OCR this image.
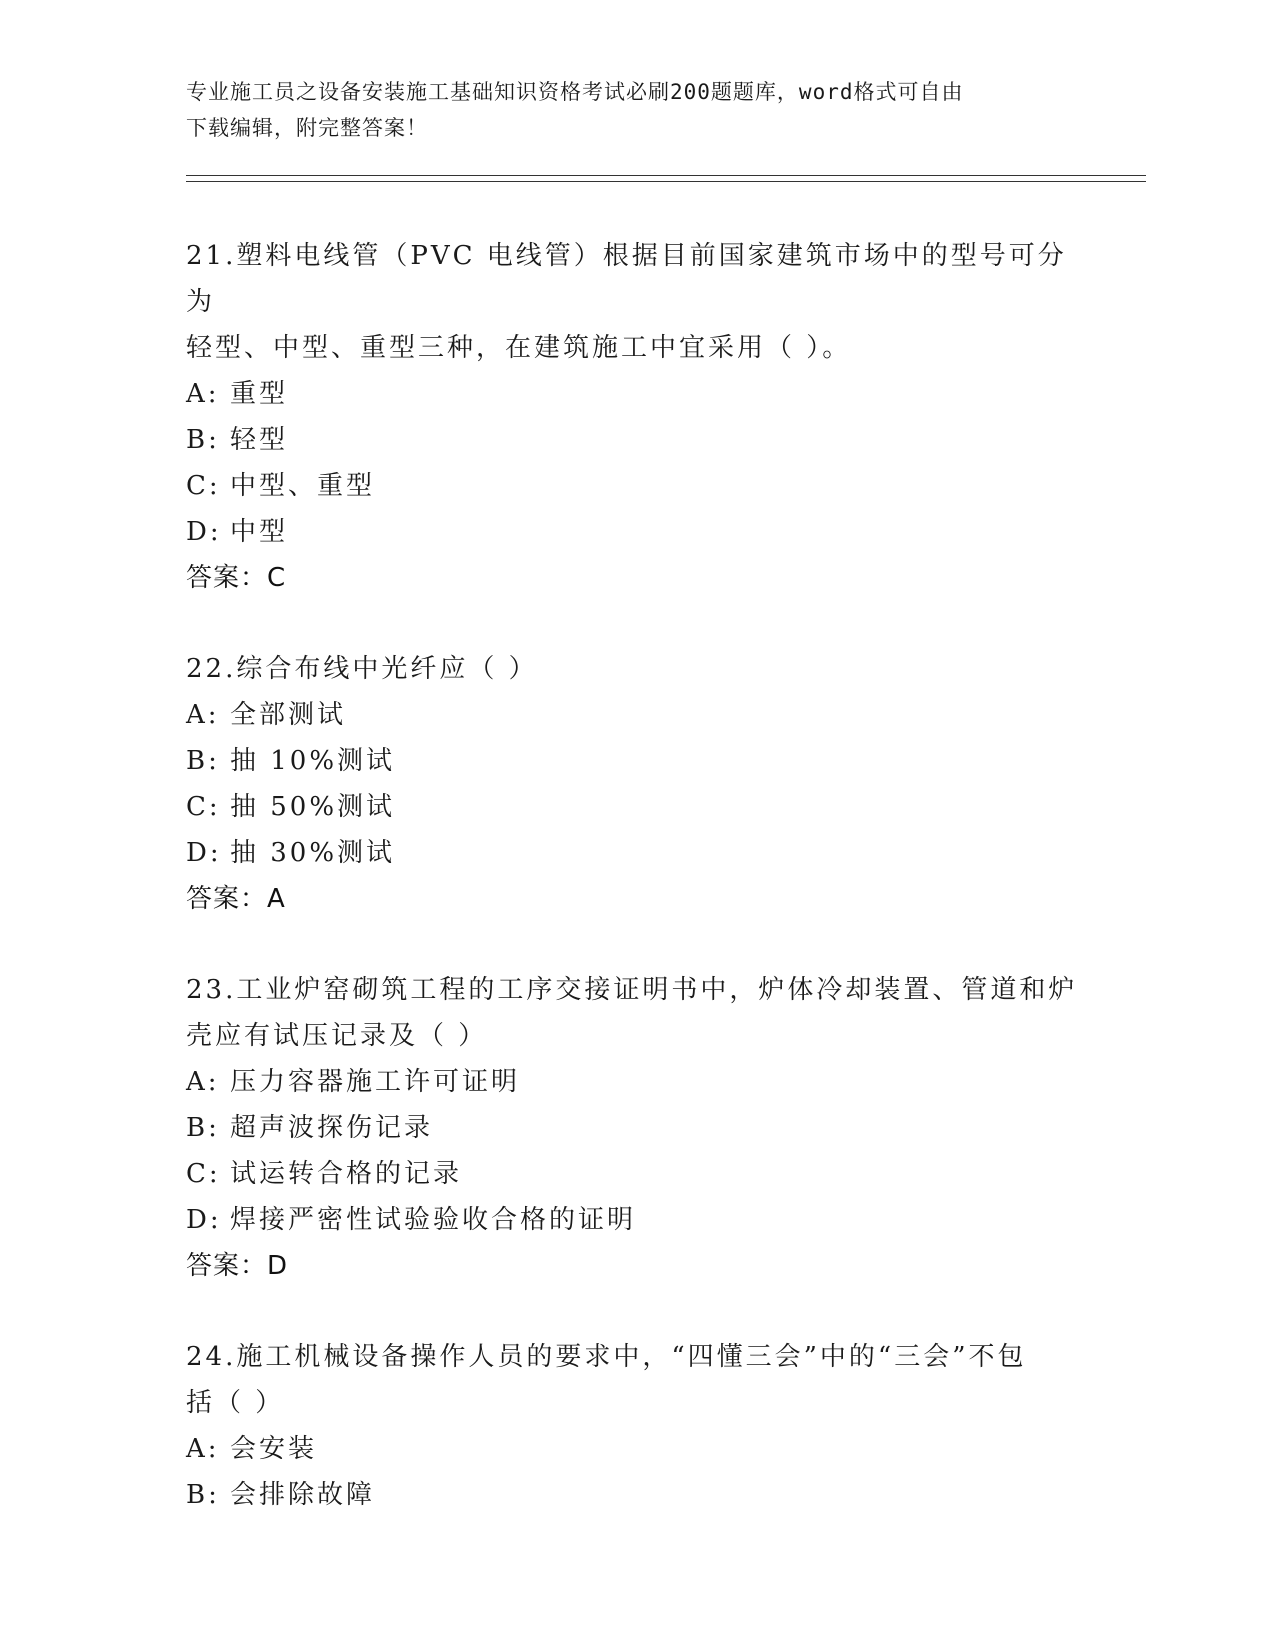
专业施工员之设备安装施工基础知识资格考试必刷200题题库，word格式可自由
下载编辑，附完整答案！
21.塑料电线管（PVC 电线管）根据目前国家建筑市场中的型号可分为
轻型、中型、重型三种，在建筑施工中宜采用（ ）。
A: 重型
B: 轻型
C: 中型、重型
D: 中型
答案：C
22.综合布线中光纤应（ ）
A: 全部测试
B: 抽 10%测试
C: 抽 50%测试
D: 抽 30%测试
答案：A
23.工业炉窑砌筑工程的工序交接证明书中，炉体冷却装置、管道和炉
壳应有试压记录及（ ）
A: 压力容器施工许可证明
B: 超声波探伤记录
C: 试运转合格的记录
D: 焊接严密性试验验收合格的证明
答案：D
24.施工机械设备操作人员的要求中，“四懂三会”中的“三会”不包
括（ ）
A: 会安装
B: 会排除故障
